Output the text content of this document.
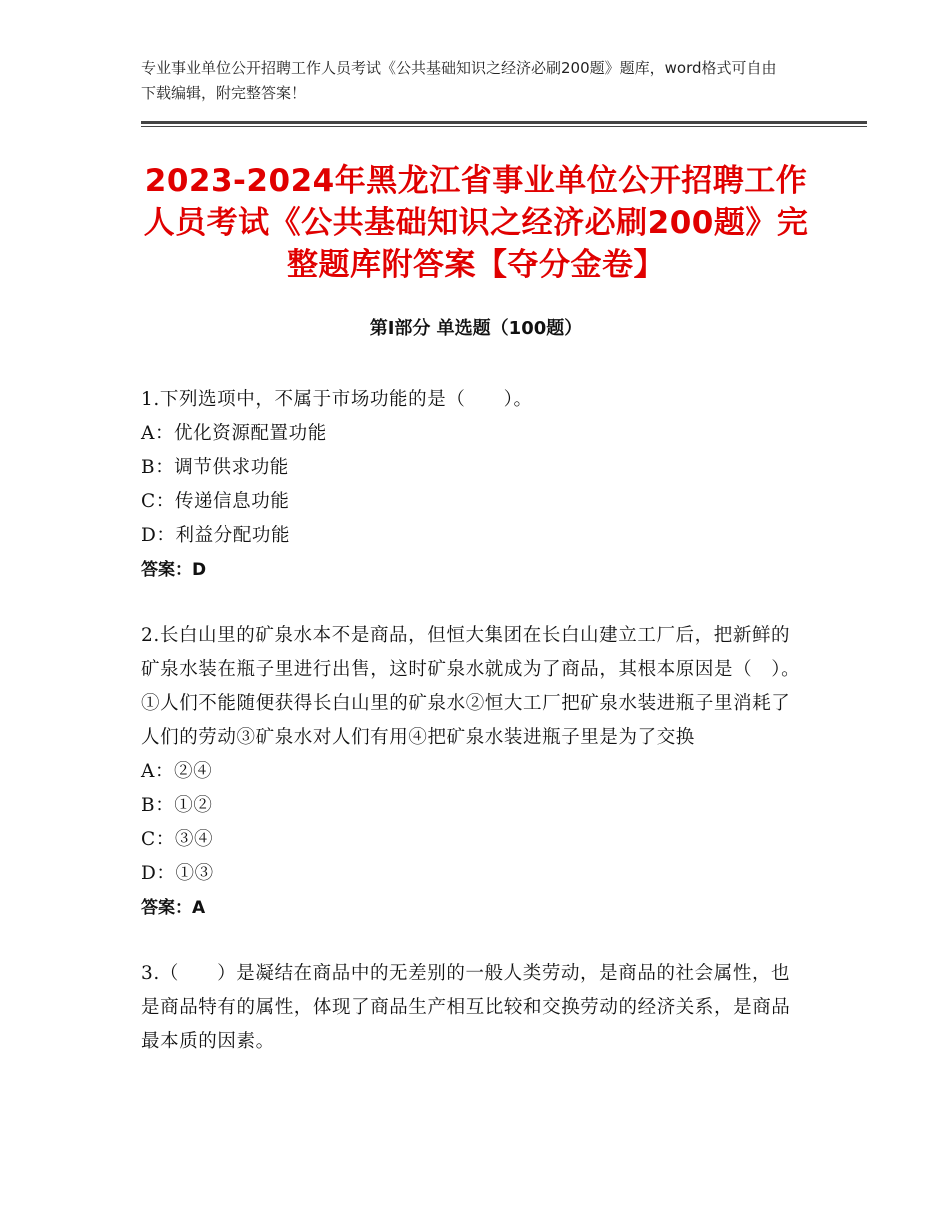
专业事业单位公开招聘工作人员考试《公共基础知识之经济必刷200题》题库，word格式可自由下载编辑，附完整答案！
2023-2024年黑龙江省事业单位公开招聘工作人员考试《公共基础知识之经济必刷200题》完整题库附答案【夺分金卷】
第Ⅰ部分 单选题（100题）
1.下列选项中，不属于市场功能的是（　　）。
A：优化资源配置功能
B：调节供求功能
C：传递信息功能
D：利益分配功能
答案：D
2.长白山里的矿泉水本不是商品，但恒大集团在长白山建立工厂后，把新鲜的矿泉水装在瓶子里进行出售，这时矿泉水就成为了商品，其根本原因是（　）。①人们不能随便获得长白山里的矿泉水②恒大工厂把矿泉水装进瓶子里消耗了人们的劳动③矿泉水对人们有用④把矿泉水装进瓶子里是为了交换
A：②④
B：①②
C：③④
D：①③
答案：A
3.（　　）是凝结在商品中的无差别的一般人类劳动，是商品的社会属性，也是商品特有的属性，体现了商品生产相互比较和交换劳动的经济关系，是商品最本质的因素。
